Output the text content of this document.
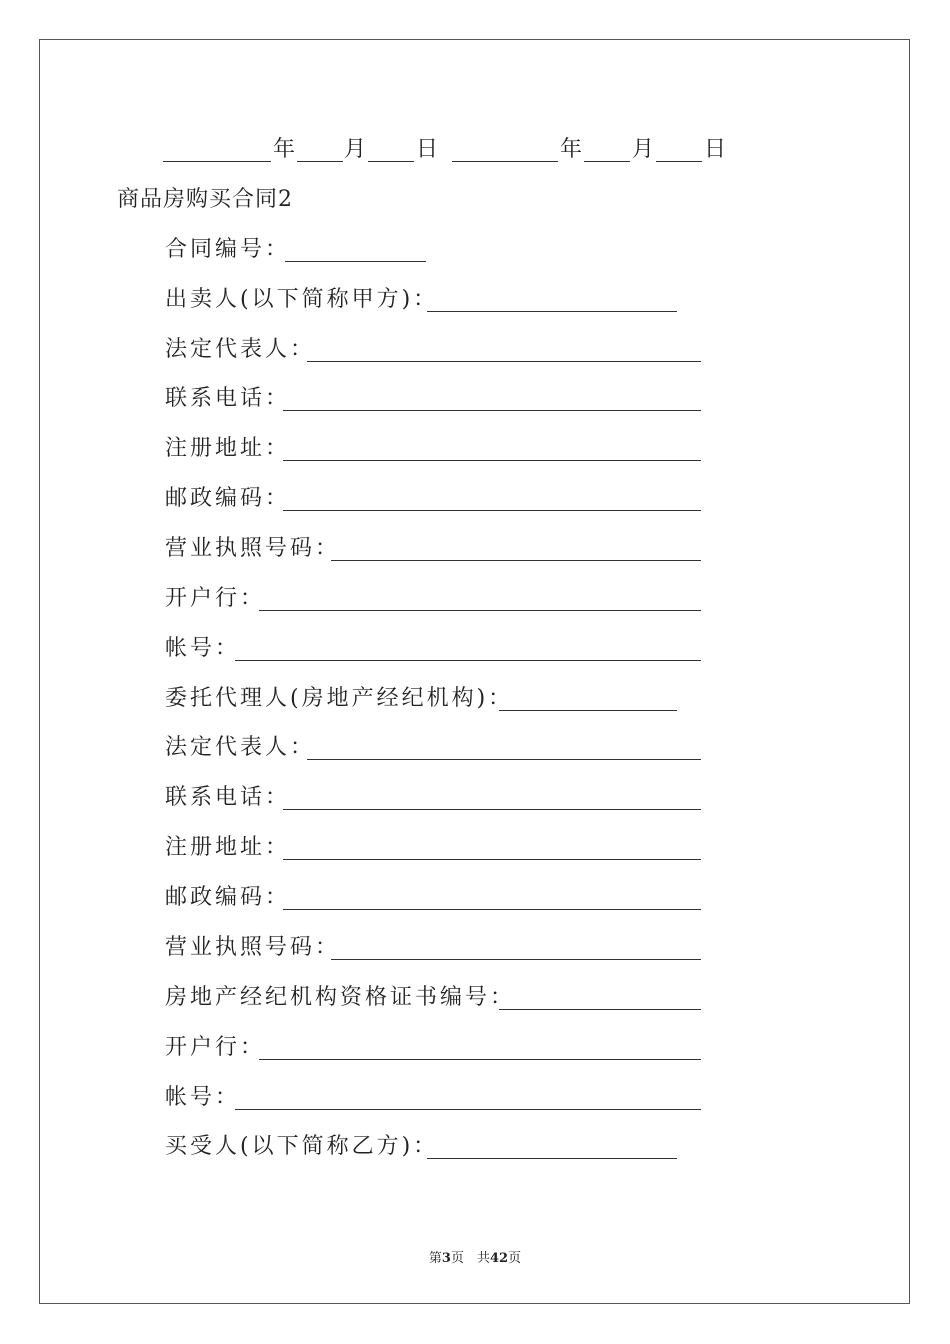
年 月 日	年 月 日
商品房购买合同2
合同编号：
出卖人(以下简称甲方)：
法定代表人：
联系电话：
注册地址：
邮政编码：
营业执照号码：
开户行：
帐号：
委托代理人(房地产经纪机构)：
法定代表人：
联系电话：
注册地址：
邮政编码：
营业执照号码：
房地产经纪机构资格证书编号：
开户行：
帐号：
买受人(以下简称乙方)：
第3页　共42页
